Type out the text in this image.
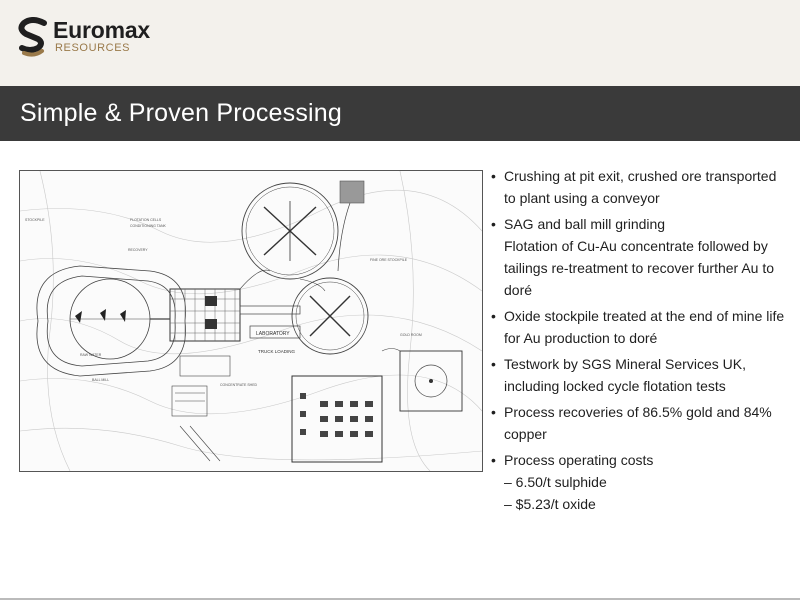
Euromax
RESOURCES
Simple & Proven Processing
LABORATORY
TRUCK LOADING
FLOTATION CELLS
CONDITIONING TANK
RECOVERY
FINE ORE STOCKPILE
GOLD ROOM
CONCENTRATE SHED
RAW WATER
BALL MILL
STOCKPILE
• Crushing at pit exit, crushed ore transported to plant using a conveyor
• SAG and ball mill grinding
Flotation of Cu-Au concentrate followed by tailings re-treatment to recover further Au to doré
• Oxide stockpile treated at the end of mine life for Au production to doré
• Testwork by SGS Mineral Services UK, including locked cycle flotation tests
• Process recoveries of 86.5% gold and 84% copper
• Process operating costs
– 6.50/t sulphide
– $5.23/t oxide
